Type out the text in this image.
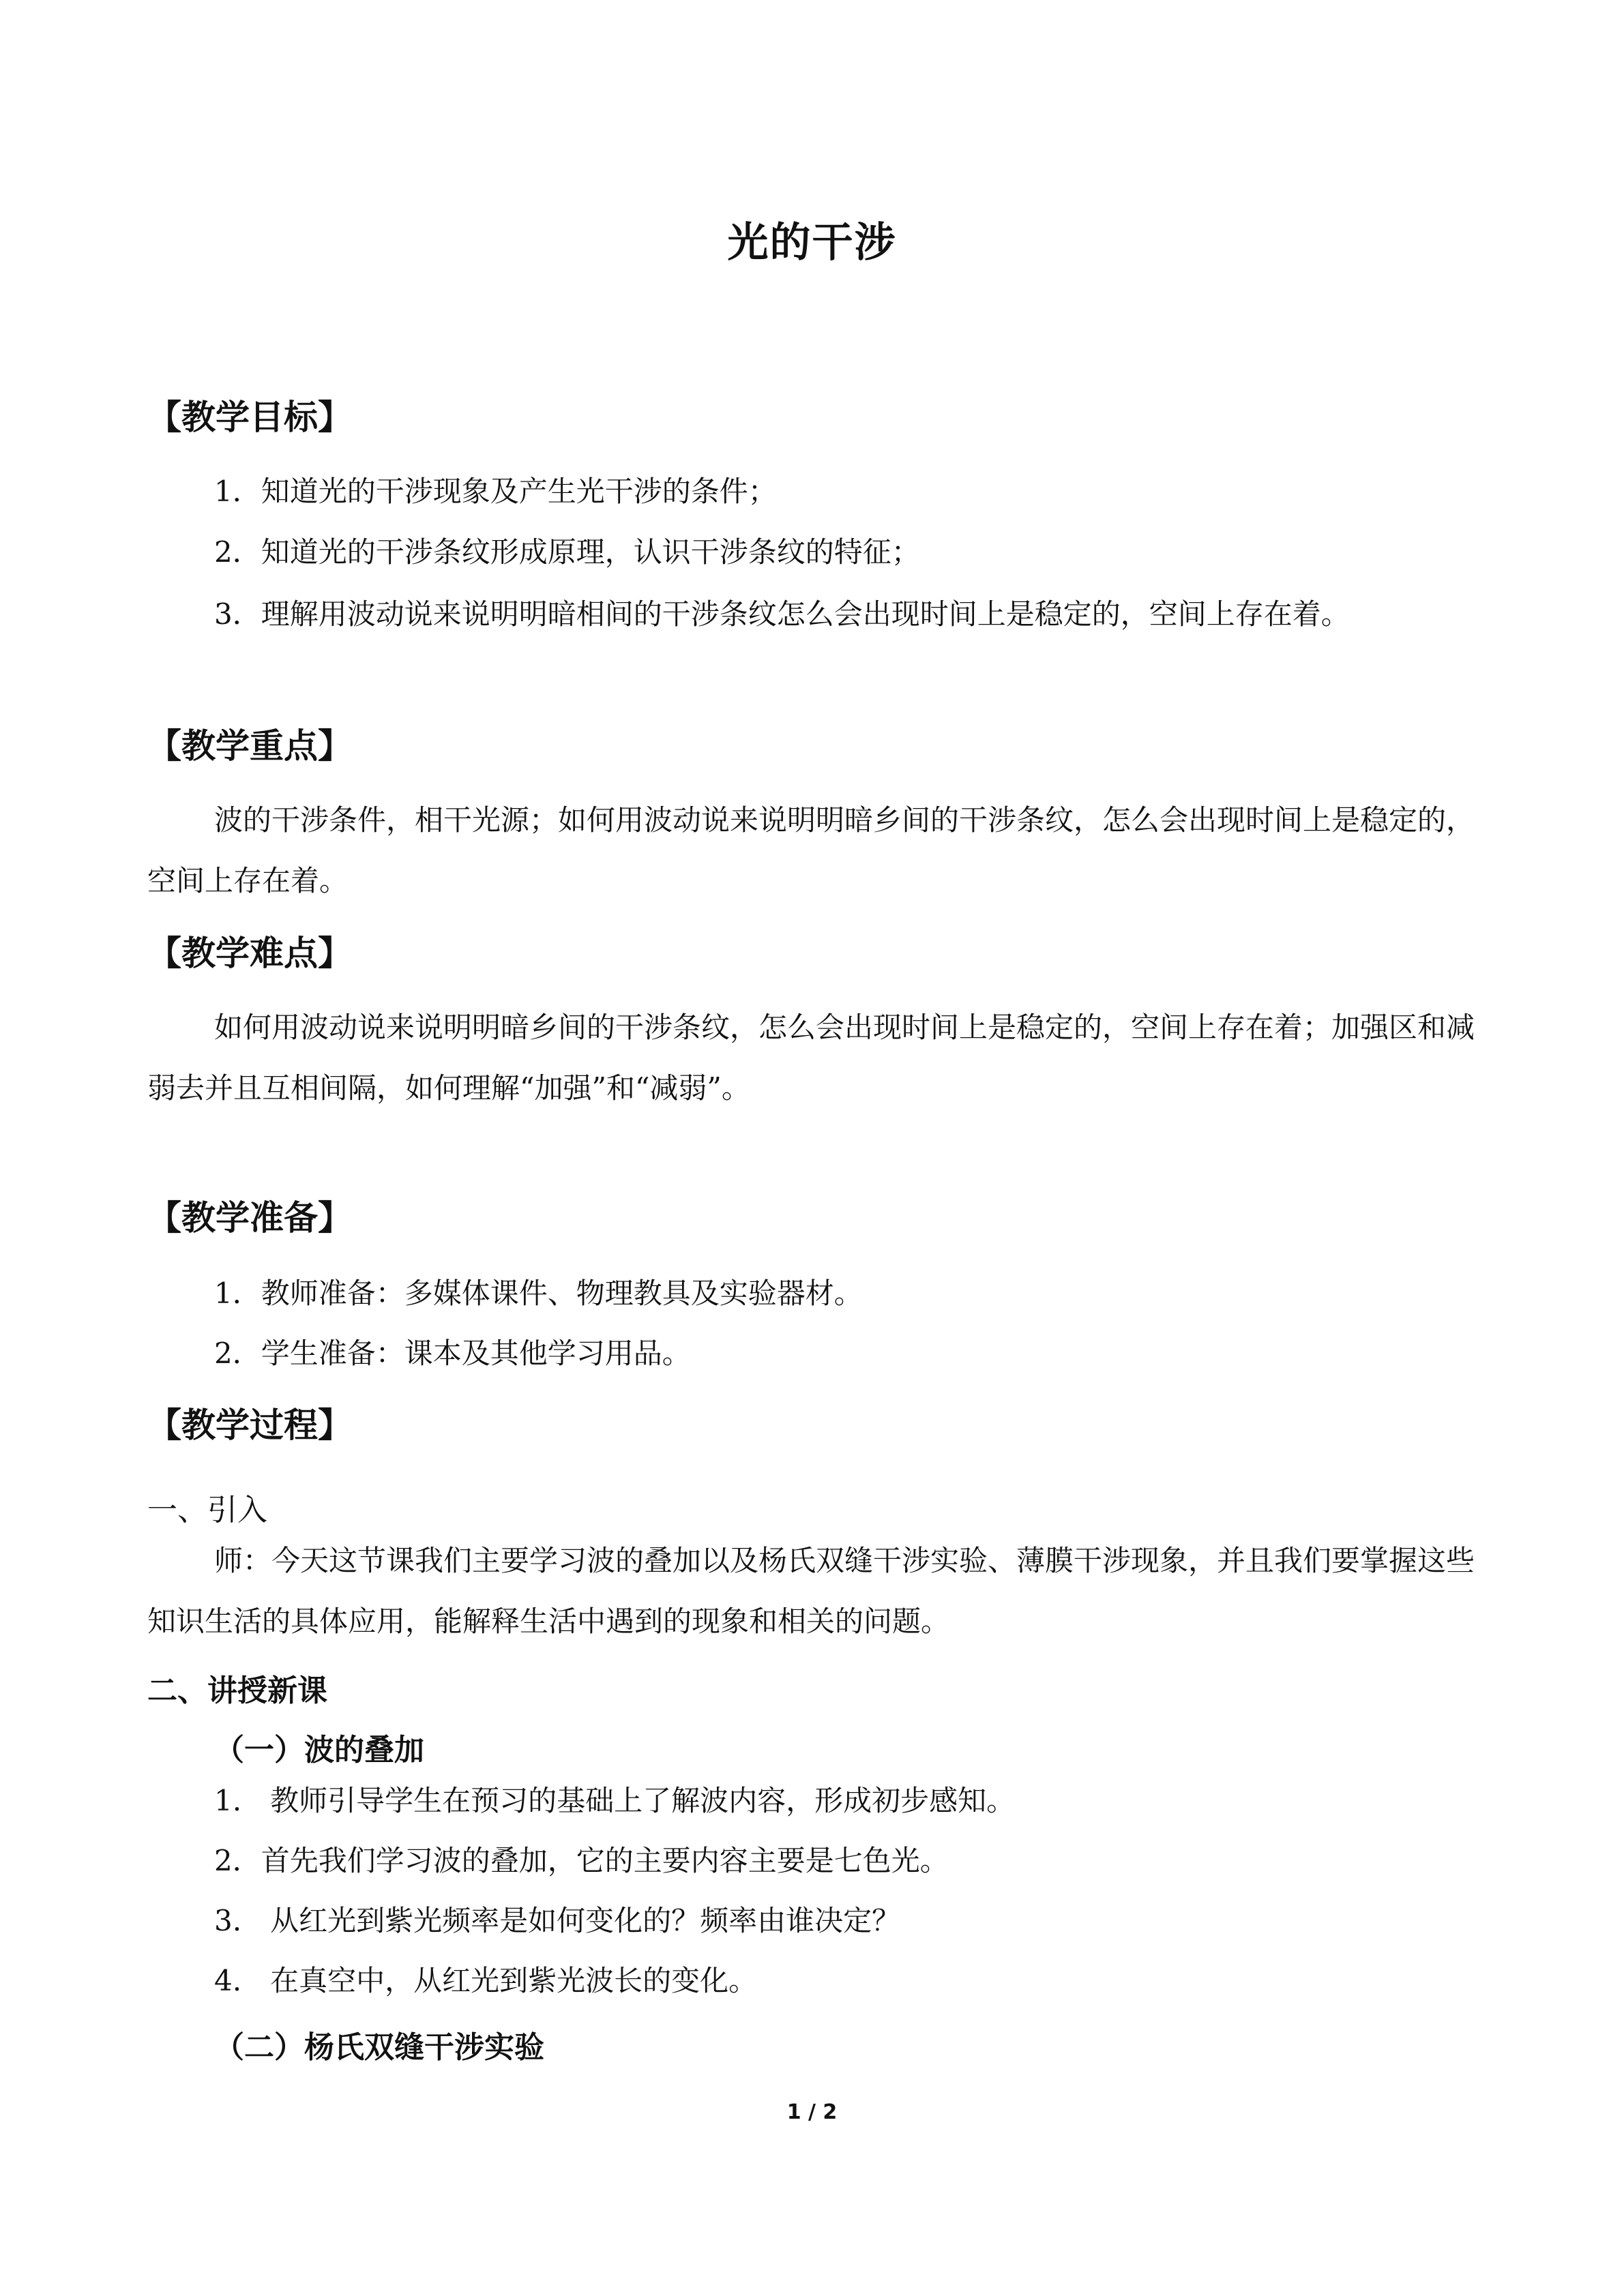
光的干涉
【教学目标】

1．知道光的干涉现象及产生光干涉的条件；

2．知道光的干涉条纹形成原理，认识干涉条纹的特征；

3．理解用波动说来说明明暗相间的干涉条纹怎么会出现时间上是稳定的，空间上存在着。

【教学重点】

波的干涉条件，相干光源；如何用波动说来说明明暗乡间的干涉条纹，怎么会出现时间上是稳定的，空间上存在着。

【教学难点】

如何用波动说来说明明暗乡间的干涉条纹，怎么会出现时间上是稳定的，空间上存在着；加强区和减弱去并且互相间隔，如何理解“加强”和“减弱”。

【教学准备】

1．教师准备：多媒体课件、物理教具及实验器材。

2．学生准备：课本及其他学习用品。

【教学过程】

一、引入

师：今天这节课我们主要学习波的叠加以及杨氏双缝干涉实验、薄膜干涉现象，并且我们要掌握这些知识生活的具体应用，能解释生活中遇到的现象和相关的问题。

二、讲授新课

（一）波的叠加

1.　教师引导学生在预习的基础上了解波内容，形成初步感知。

2．首先我们学习波的叠加，它的主要内容主要是七色光。

3.　从红光到紫光频率是如何变化的？频率由谁决定？

4.　在真空中，从红光到紫光波长的变化。

（二）杨氏双缝干涉实验

1 / 2
